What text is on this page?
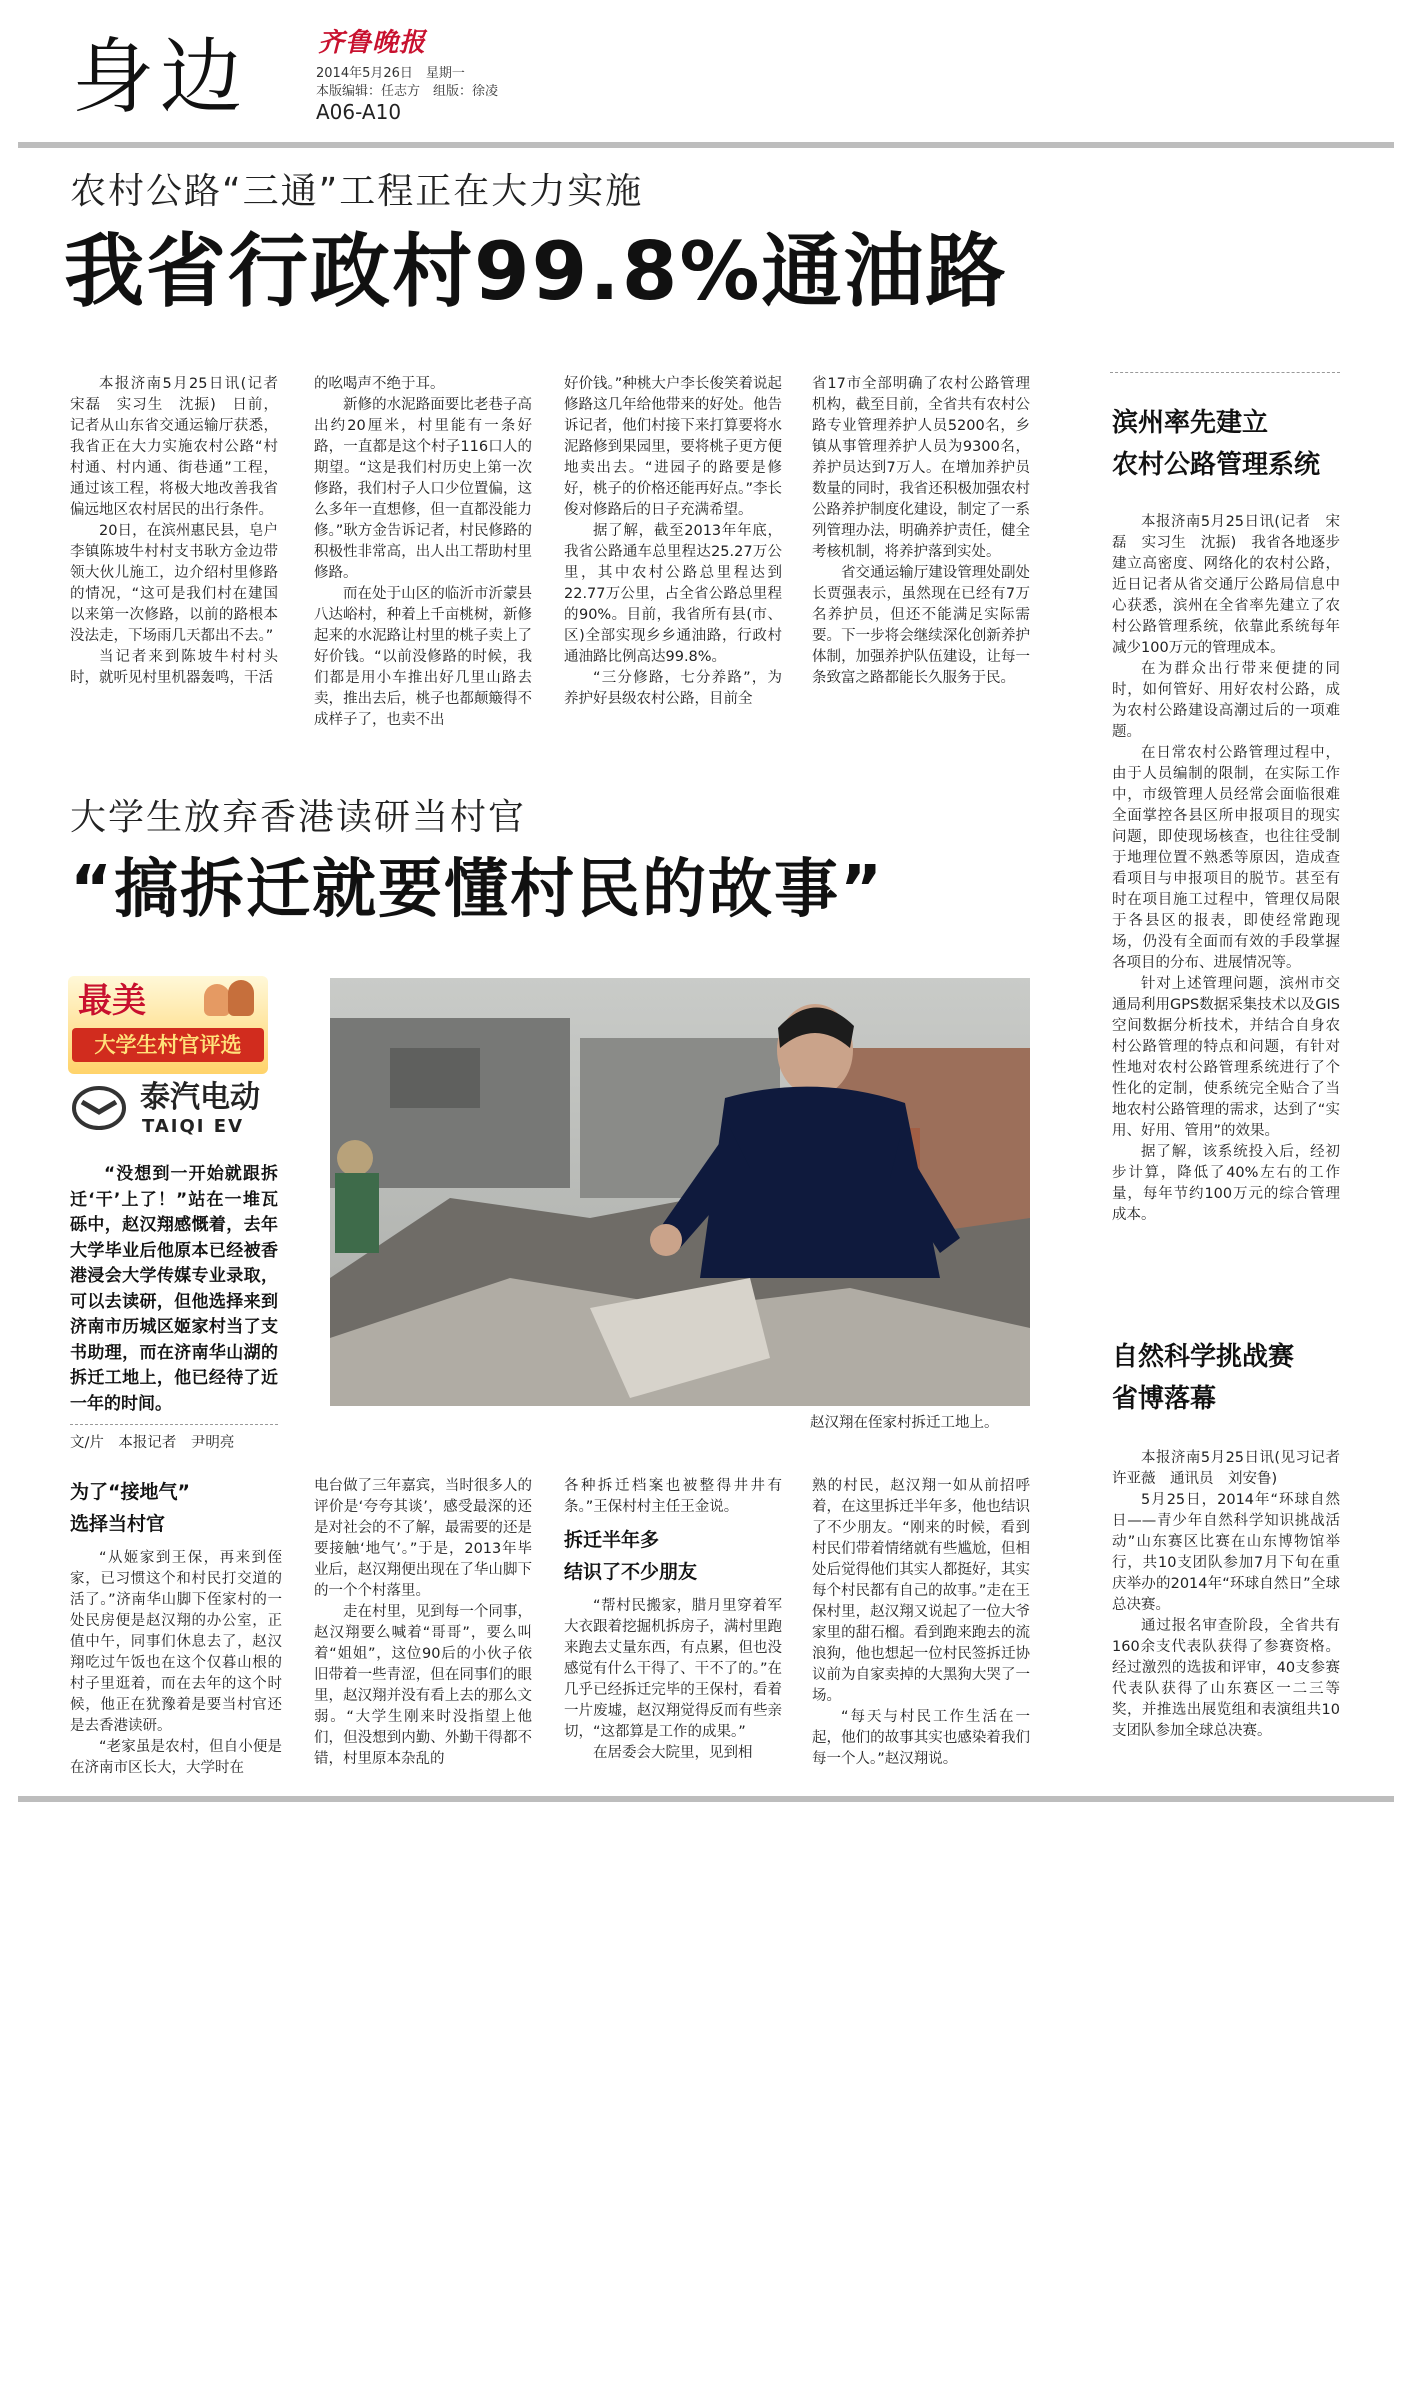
身边	齐鲁晚报
2014年5月26日　星期一
本版编辑：任志方　组版：徐凌
A06-A10
农村公路“三通”工程正在大力实施
我省行政村99.8%通油路

本报济南5月25日讯(记者　宋磊　实习生　沈振)　日前，记者从山东省交通运输厅获悉，我省正在大力实施农村公路“村村通、村内通、街巷通”工程，通过该工程，将极大地改善我省偏远地区农村居民的出行条件。

20日，在滨州惠民县，皂户李镇陈坡牛村村支书耿方金边带领大伙儿施工，边介绍村里修路的情况，“这可是我们村在建国以来第一次修路，以前的路根本没法走，下场雨几天都出不去。”

当记者来到陈坡牛村村头时，就听见村里机器轰鸣，干活

的吆喝声不绝于耳。

新修的水泥路面要比老巷子高出约20厘米，村里能有一条好路，一直都是这个村子116口人的期望。“这是我们村历史上第一次修路，我们村子人口少位置偏，这么多年一直想修，但一直都没能力修。”耿方金告诉记者，村民修路的积极性非常高，出人出工帮助村里修路。

而在处于山区的临沂市沂蒙县八达峪村，种着上千亩桃树，新修起来的水泥路让村里的桃子卖上了好价钱。“以前没修路的时候，我们都是用小车推出好几里山路去卖，推出去后，桃子也都颠簸得不成样子了，也卖不出

好价钱。”种桃大户李长俊笑着说起修路这几年给他带来的好处。他告诉记者，他们村接下来打算要将水泥路修到果园里，要将桃子更方便地卖出去。“进园子的路要是修好，桃子的价格还能再好点。”李长俊对修路后的日子充满希望。

据了解，截至2013年年底，我省公路通车总里程达25.27万公里，其中农村公路总里程达到22.77万公里，占全省公路总里程的90%。目前，我省所有县(市、区)全部实现乡乡通油路，行政村通油路比例高达99.8%。

“三分修路，七分养路”，为养护好县级农村公路，目前全

省17市全部明确了农村公路管理机构，截至目前，全省共有农村公路专业管理养护人员5200名，乡镇从事管理养护人员为9300名，养护员达到7万人。在增加养护员数量的同时，我省还积极加强农村公路养护制度化建设，制定了一系列管理办法，明确养护责任，健全考核机制，将养护落到实处。

省交通运输厅建设管理处副处长贾强表示，虽然现在已经有7万名养护员，但还不能满足实际需要。下一步将会继续深化创新养护体制，加强养护队伍建设，让每一条致富之路都能长久服务于民。

大学生放弃香港读研当村官
“搞拆迁就要懂村民的故事”
最美
大学生村官评选
泰汽电动
TAIQI EV

“没想到一开始就跟拆迁‘干’上了！”站在一堆瓦砾中，赵汉翔感慨着，去年大学毕业后他原本已经被香港浸会大学传媒专业录取，可以去读研，但他选择来到济南市历城区姬家村当了支书助理，而在济南华山湖的拆迁工地上，他已经待了近一年的时间。

文/片　本报记者　尹明亮
赵汉翔在侄家村拆迁工地上。
为了“接地气”
选择当村官

“从姬家到王保，再来到侄家，已习惯这个和村民打交道的活了。”济南华山脚下侄家村的一处民房便是赵汉翔的办公室，正值中午，同事们休息去了，赵汉翔吃过午饭也在这个仅暮山根的村子里逛着，而在去年的这个时候，他正在犹豫着是要当村官还是去香港读研。

“老家虽是农村，但自小便是在济南市区长大，大学时在

电台做了三年嘉宾，当时很多人的评价是‘夸夸其谈’，感受最深的还是对社会的不了解，最需要的还是要接触‘地气’。”于是，2013年毕业后，赵汉翔便出现在了华山脚下的一个个村落里。

走在村里，见到每一个同事，赵汉翔要么喊着“哥哥”，要么叫着“姐姐”，这位90后的小伙子依旧带着一些青涩，但在同事们的眼里，赵汉翔并没有看上去的那么文弱。“大学生刚来时没指望上他们，但没想到内勤、外勤干得都不错，村里原本杂乱的

各种拆迁档案也被整得井井有条。”王保村村主任王金说。

拆迁半年多
结识了不少朋友

“帮村民搬家，腊月里穿着军大衣跟着挖掘机拆房子，满村里跑来跑去丈量东西，有点累，但也没感觉有什么干得了、干不了的。”在几乎已经拆迁完毕的王保村，看着一片废墟，赵汉翔觉得反而有些亲切，“这都算是工作的成果。”

在居委会大院里，见到相

熟的村民，赵汉翔一如从前招呼着，在这里拆迁半年多，他也结识了不少朋友。“刚来的时候，看到村民们带着情绪就有些尴尬，但相处后觉得他们其实人都挺好，其实每个村民都有自己的故事。”走在王保村里，赵汉翔又说起了一位大爷家里的甜石榴。看到跑来跑去的流浪狗，他也想起一位村民签拆迁协议前为自家卖掉的大黑狗大哭了一场。

“每天与村民工作生活在一起，他们的故事其实也感染着我们每一个人。”赵汉翔说。

滨州率先建立
农村公路管理系统

本报济南5月25日讯(记者　宋磊　实习生　沈振)　我省各地逐步建立高密度、网络化的农村公路，近日记者从省交通厅公路局信息中心获悉，滨州在全省率先建立了农村公路管理系统，依靠此系统每年减少100万元的管理成本。

在为群众出行带来便捷的同时，如何管好、用好农村公路，成为农村公路建设高潮过后的一项难题。

在日常农村公路管理过程中，由于人员编制的限制，在实际工作中，市级管理人员经常会面临很难全面掌控各县区所申报项目的现实问题，即使现场核查，也往往受制于地理位置不熟悉等原因，造成查看项目与申报项目的脱节。甚至有时在项目施工过程中，管理仅局限于各县区的报表，即使经常跑现场，仍没有全面而有效的手段掌握各项目的分布、进展情况等。

针对上述管理问题，滨州市交通局利用GPS数据采集技术以及GIS空间数据分析技术，并结合自身农村公路管理的特点和问题，有针对性地对农村公路管理系统进行了个性化的定制，使系统完全贴合了当地农村公路管理的需求，达到了“实用、好用、管用”的效果。

据了解，该系统投入后，经初步计算，降低了40%左右的工作量，每年节约100万元的综合管理成本。

自然科学挑战赛
省博落幕

本报济南5月25日讯(见习记者　许亚薇　通讯员　刘安鲁)

5月25日，2014年“环球自然日——青少年自然科学知识挑战活动”山东赛区比赛在山东博物馆举行，共10支团队参加7月下旬在重庆举办的2014年“环球自然日”全球总决赛。

通过报名审查阶段，全省共有160余支代表队获得了参赛资格。经过激烈的选拔和评审，40支参赛代表队获得了山东赛区一二三等奖，并推选出展览组和表演组共10支团队参加全球总决赛。
